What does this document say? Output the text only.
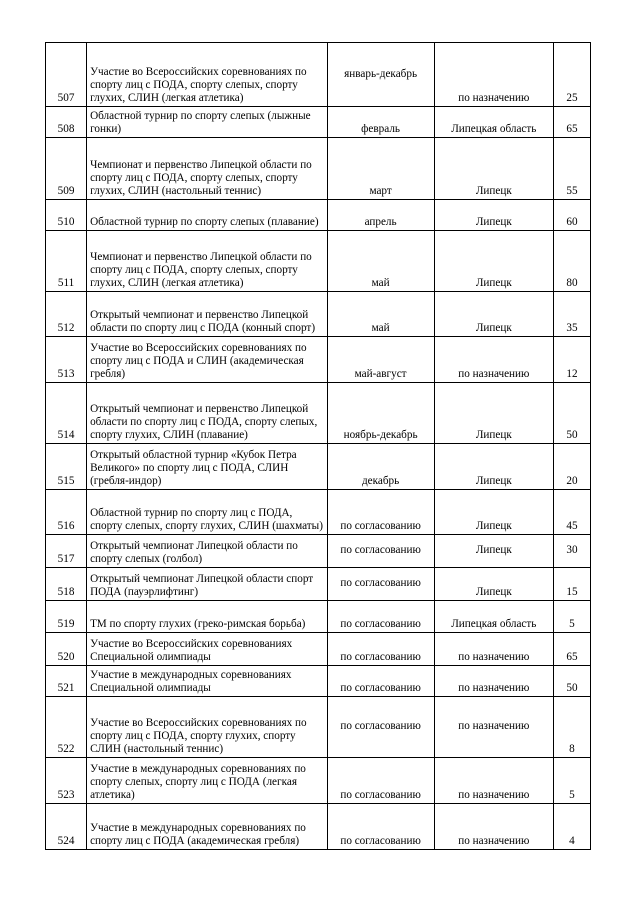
507	Участие во Всероссийских соревнованиях по спорту лиц с ПОДА, спорту слепых, спорту глухих, СЛИН (легкая атлетика)	январь-декабрь	по назначению	25
508	Областной турнир по спорту слепых (лыжные гонки)	февраль	Липецкая область	65
509	Чемпионат и первенство Липецкой области по спорту лиц с ПОДА, спорту слепых, спорту глухих, СЛИН (настольный теннис)	март	Липецк	55
510	Областной турнир по спорту слепых (плавание)	апрель	Липецк	60
511	Чемпионат и первенство Липецкой области по спорту лиц с ПОДА, спорту слепых, спорту глухих, СЛИН (легкая атлетика)	май	Липецк	80
512	Открытый чемпионат и первенство Липецкой области по спорту лиц с ПОДА (конный спорт)	май	Липецк	35
513	Участие во Всероссийских соревнованиях по спорту лиц с ПОДА и СЛИН (академическая гребля)	май-август	по назначению	12
514	Открытый чемпионат и первенство Липецкой области по спорту лиц с ПОДА, спорту слепых, спорту глухих, СЛИН (плавание)	ноябрь-декабрь	Липецк	50
515	Открытый областной турнир «Кубок Петра Великого» по спорту лиц с ПОДА, СЛИН (гребля-индор)	декабрь	Липецк	20
516	Областной турнир по спорту лиц с ПОДА, спорту слепых, спорту глухих, СЛИН (шахматы)	по согласованию	Липецк	45
517	Открытый чемпионат Липецкой области по спорту слепых (голбол)	по согласованию	Липецк	30
518	Открытый чемпионат Липецкой области спорт ПОДА (пауэрлифтинг)	по согласованию	Липецк	15
519	ТМ по спорту глухих (греко-римская борьба)	по согласованию	Липецкая область	5
520	Участие во Всероссийских соревнованиях Специальной олимпиады	по согласованию	по назначению	65
521	Участие в международных соревнованиях Специальной олимпиады	по согласованию	по назначению	50
522	Участие во Всероссийских соревнованиях по спорту лиц с ПОДА, спорту глухих, спорту СЛИН (настольный теннис)	по согласованию	по назначению	8
523	Участие в международных соревнованиях по спорту слепых, спорту лиц с ПОДА (легкая атлетика)	по согласованию	по назначению	5
524	Участие в международных соревнованиях по спорту лиц с ПОДА (академическая гребля)	по согласованию	по назначению	4
